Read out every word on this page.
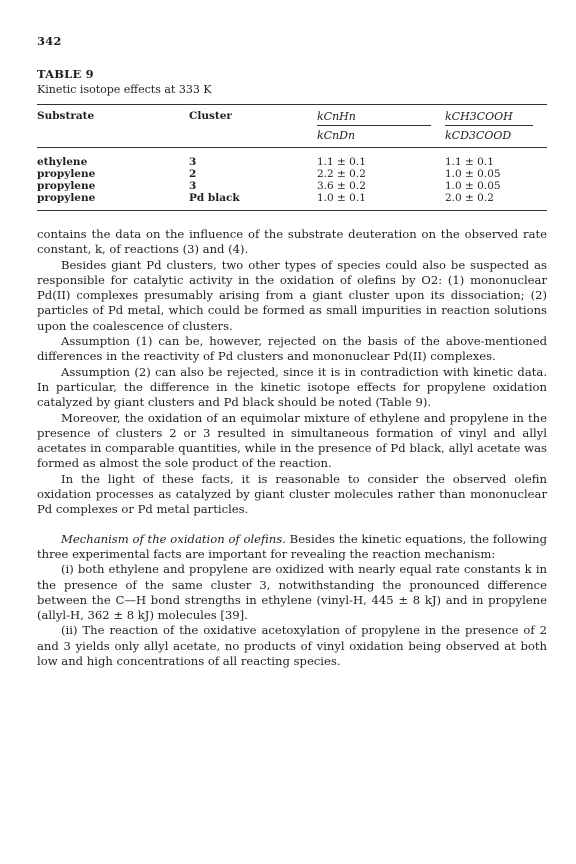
342
TABLE 9
Kinetic isotope effects at 333 K
Substrate	Cluster	$\frac{\text{kCnHn}}{\text{kCnDn}}$	$\frac{\text{kCH3COOH}}{\text{kCD3COOD}}$

ethylene	3	1.1 ± 0.1	1.1 ± 0.1
propylene	2	2.2 ± 0.2	1.0 ± 0.05
propylene	3	3.6 ± 0.2	1.0 ± 0.05
propylene	Pd black	1.0 ± 0.1	2.0 ± 0.2

contains the data on the influence of the substrate deuteration on the observed rate constant, k, of reactions (3) and (4).

Besides giant Pd clusters, two other types of species could also be suspected as responsible for catalytic activity in the oxidation of olefins by O2: (1) mononuclear Pd(II) complexes presumably arising from a giant cluster upon its dissociation; (2) particles of Pd metal, which could be formed as small impurities in reaction solutions upon the coalescence of clusters.

Assumption (1) can be, however, rejected on the basis of the above-mentioned differences in the reactivity of Pd clusters and mononuclear Pd(II) complexes.

Assumption (2) can also be rejected, since it is in contradiction with kinetic data. In particular, the difference in the kinetic isotope effects for propylene oxidation catalyzed by giant clusters and Pd black should be noted (Table 9).

Moreover, the oxidation of an equimolar mixture of ethylene and propylene in the presence of clusters 2 or 3 resulted in simultaneous formation of vinyl and allyl acetates in comparable quantities, while in the presence of Pd black, allyl acetate was formed as almost the sole product of the reaction.

In the light of these facts, it is reasonable to consider the observed olefin oxidation processes as catalyzed by giant cluster molecules rather than mononuclear Pd complexes or Pd metal particles.

Mechanism of the oxidation of olefins. Besides the kinetic equations, the following three experimental facts are important for revealing the reaction mechanism:

(i) both ethylene and propylene are oxidized with nearly equal rate constants k in the presence of the same cluster 3, notwithstanding the pronounced difference between the C—H bond strengths in ethylene (vinyl-H, 445 ± 8 kJ) and in propylene (allyl-H, 362 ± 8 kJ) molecules [39].

(ii) The reaction of the oxidative acetoxylation of propylene in the presence of 2 and 3 yields only allyl acetate, no products of vinyl oxidation being observed at both low and high concentrations of all reacting species.
